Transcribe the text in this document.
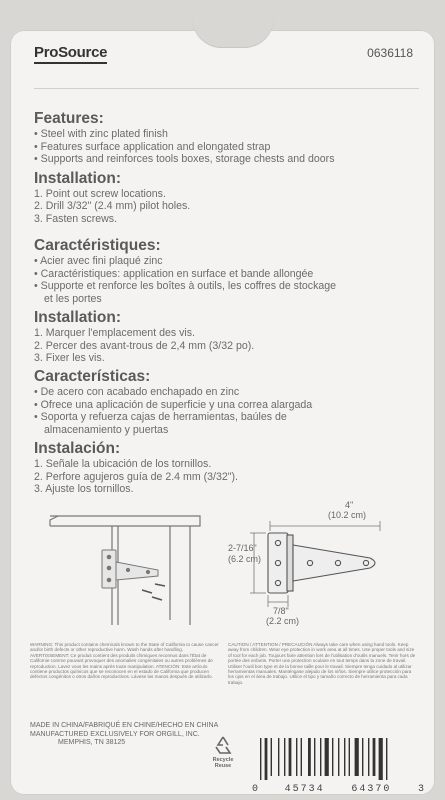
ProSource	0636118
Features:
• Steel with zinc plated finish
• Features surface application and elongated strap
• Supports and reinforces tools boxes, storage chests and doors
Installation:
1. Point out screw locations.
2. Drill 3/32" (2.4 mm) pilot holes.
3. Fasten screws.
Caractéristiques:
• Acier avec fini plaqué zinc
• Caractéristiques: application en surface et bande allongée
• Supporte et renforce les boîtes à outils, les coffres de stockage et les portes
Installation:
1. Marquer l'emplacement des vis.
2. Percer des avant-trous de 2,4 mm (3/32 po).
3. Fixer les vis.
Características:
• De acero con acabado enchapado en zinc
• Ofrece una aplicación de superficie y una correa alargada
• Soporta y refuerza cajas de herramientas, baúles de almacenamiento y puertas
Instalación:
1. Señale la ubicación de los tornillos.
2. Perfore agujeros guía de 2.4 mm (3/32").
3. Ajuste los tornillos.
4"
(10.2 cm)
2-7/16"
(6.2 cm)
7/8"
(2.2 cm)
WARNING: This product contains chemicals known to the State of California to cause cancer and/or birth defects or other reproductive harm. Wash hands after handling. AVERTISSEMENT: Ce produit contient des produits chimiques reconnus dans l'État de Californie comme pouvant provoquer des anomalies congénitales ou autres problèmes de reproduction. Lavez vous les mains après toute manipulation. ATENCIÓN: Este artículo contiene productos químicos que se reconocen en el estado de California que producen defectos congénitos o otros daños reproductivos. Lávese las manos después de utilizarlo.
CAUTION / ATTENTION / PRECAUCIÓN Always take care when using hand tools. Keep away from children. Wear eye protection in work area at all times. Use proper tools and size of tool for each job. Toujours faire attention lors de l'utilisation d'outils manuels. Tenir hors de portée des enfants. Porter une protection oculaire en tout temps dans la zone de travail. Utiliser l'outil bon type et de la bonne taille pour le travail. Siempre tenga cuidado al utilizar herramientas manuales. Manténgase alejado de los niños. Siempre utilice protección para los ojos en el área de trabajo. Utilice el tipo y tamaño correcto de herramienta para cada trabajo.
MADE IN CHINA/FABRIQUÉ EN CHINE/HECHO EN CHINA
MANUFACTURED EXCLUSIVELY FOR ORGILL, INC.
MEMPHIS, TN 38125
Recycle
Reuse
0	45734	64370	3
